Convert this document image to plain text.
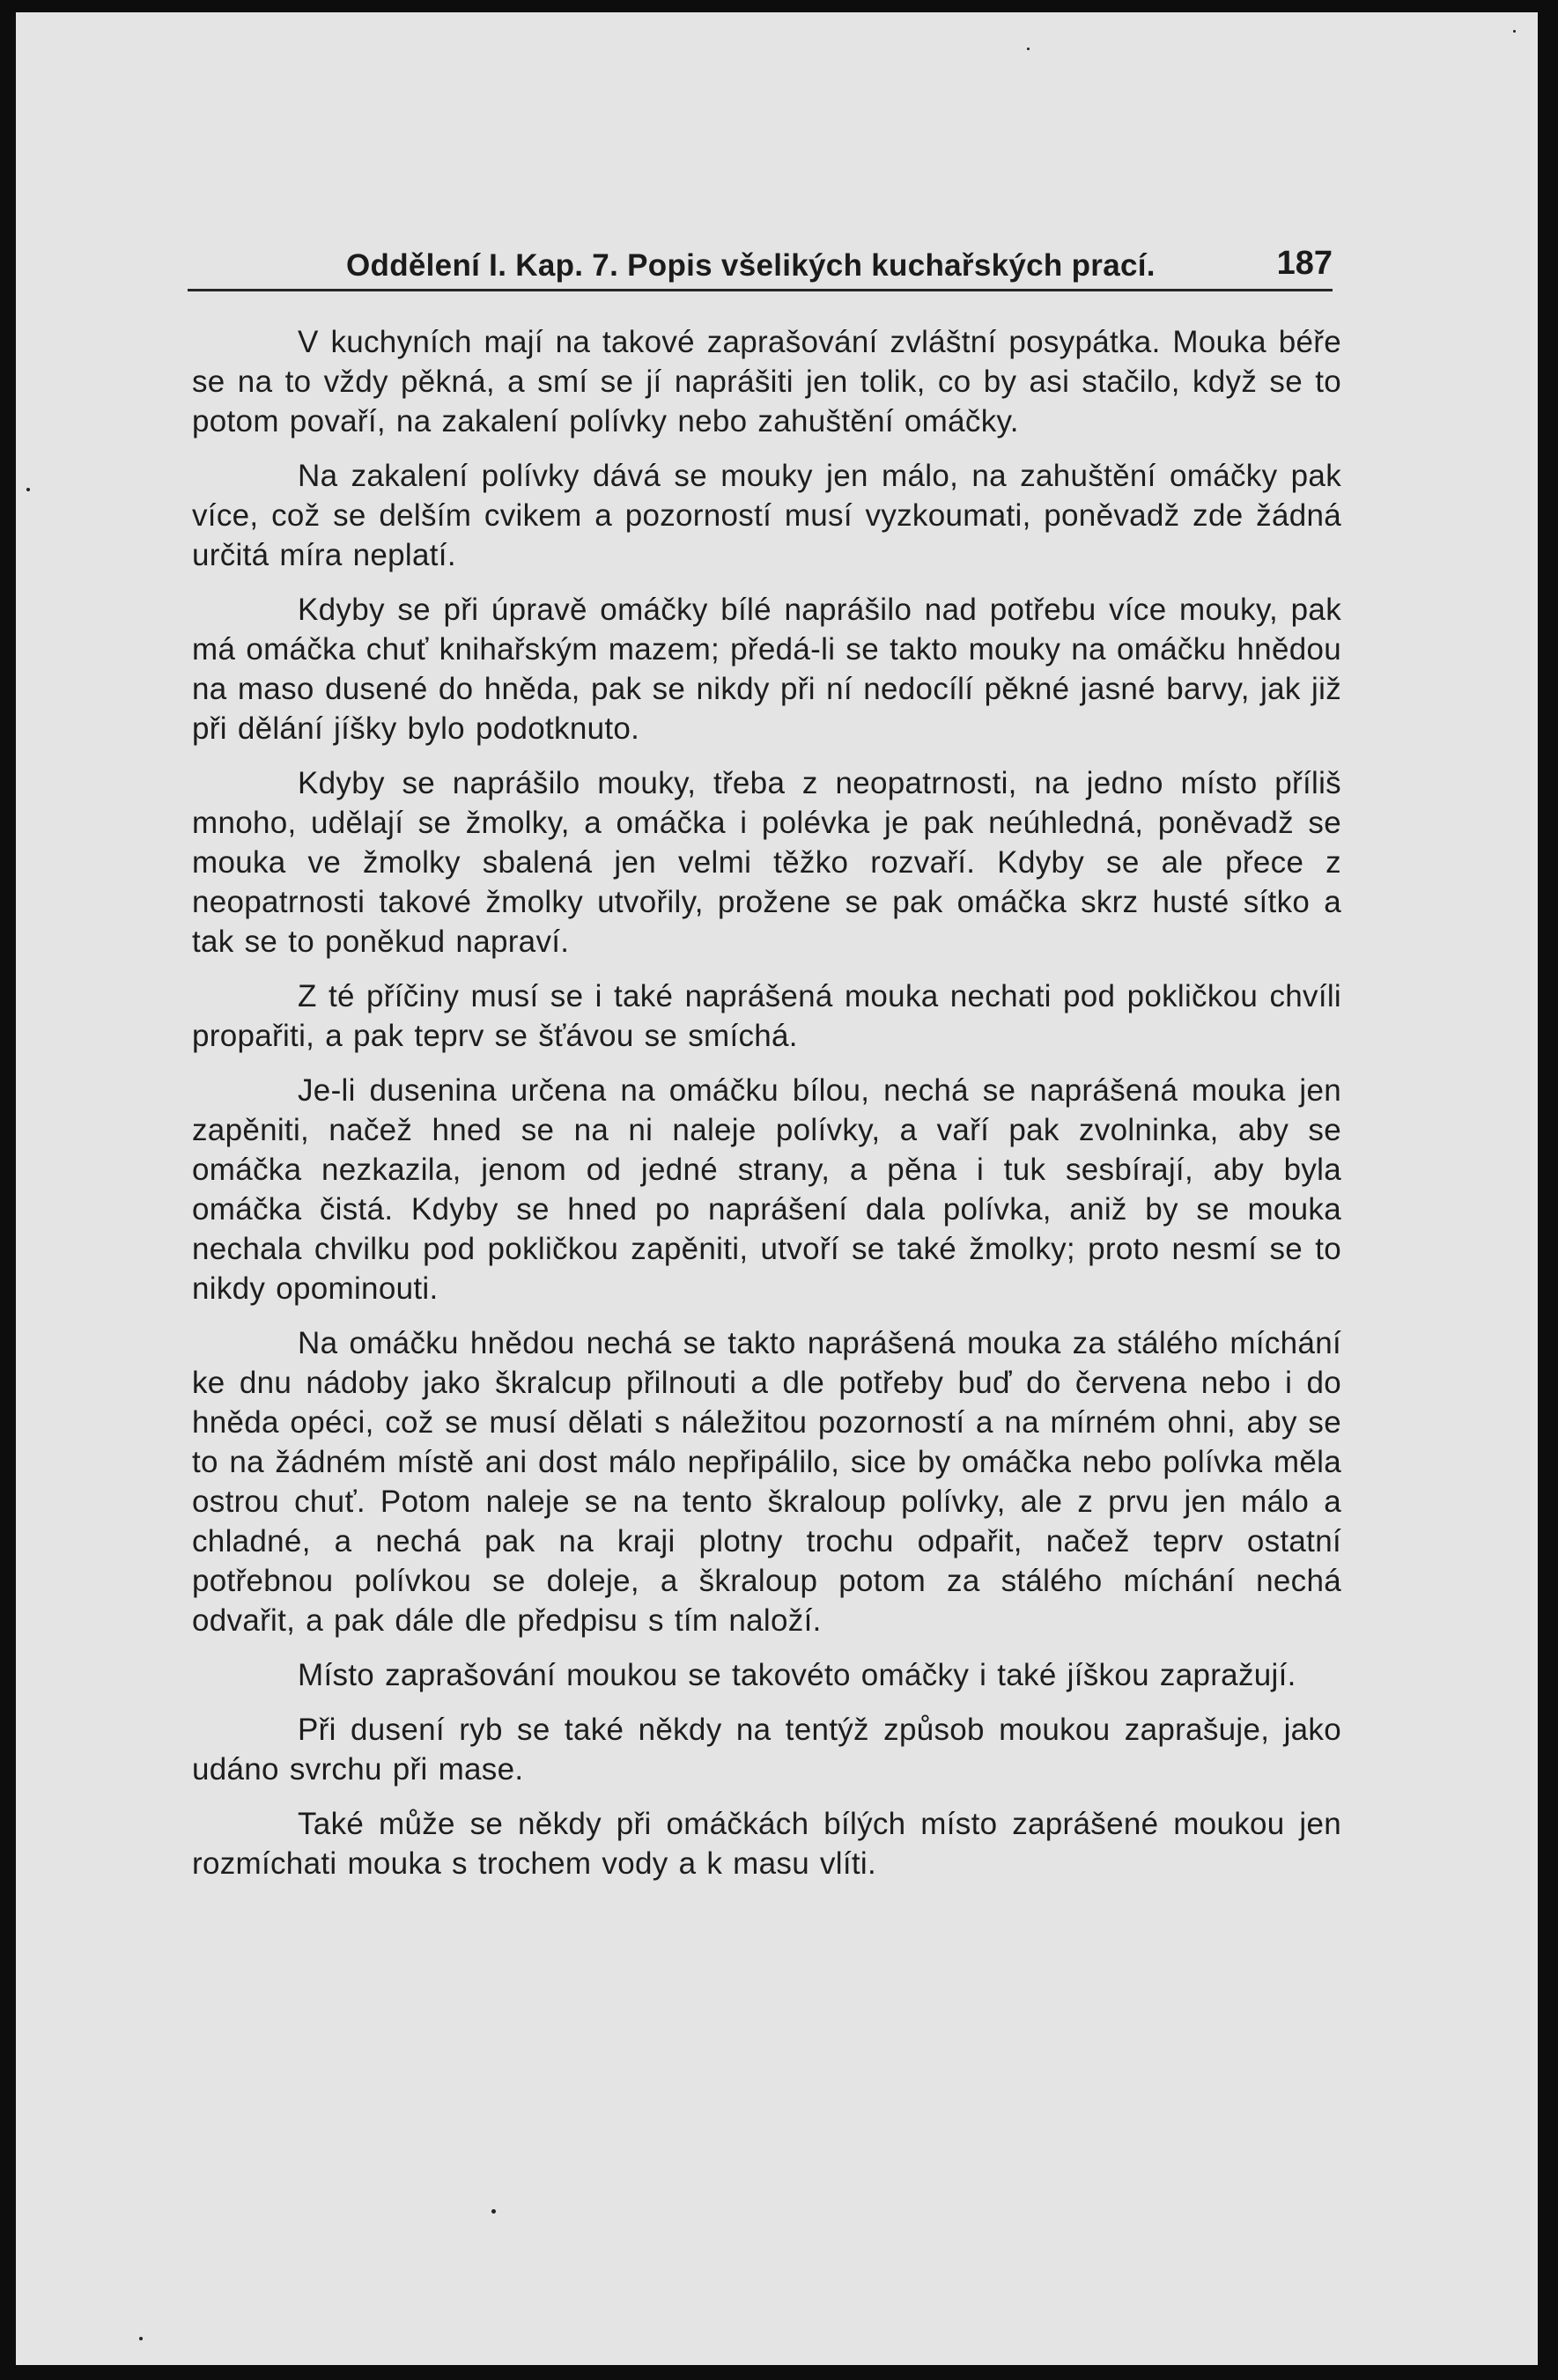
Oddělení I. Kap. 7. Popis všelikých kuchařských prací.	187

V kuchyních mají na takové zaprašování zvláštní posypátka. Mouka béře se na to vždy pěkná, a smí se jí naprášiti jen tolik, co by asi stačilo, když se to potom povaří, na zakalení polívky nebo zahuštění omáčky.

Na zakalení polívky dává se mouky jen málo, na zahuštění omáčky pak více, což se delším cvikem a pozorností musí vyzkoumati, poněvadž zde žádná určitá míra neplatí.

Kdyby se při úpravě omáčky bílé naprášilo nad potřebu více mouky, pak má omáčka chuť knihařským mazem; předá-li se takto mouky na omáčku hnědou na maso dusené do hněda, pak se nikdy při ní nedocílí pěkné jasné barvy, jak již při dělání jíšky bylo podotknuto.

Kdyby se naprášilo mouky, třeba z neopatrnosti, na jedno místo příliš mnoho, udělají se žmolky, a omáčka i polévka je pak neúhledná, poněvadž se mouka ve žmolky sbalená jen velmi těžko rozvaří. Kdyby se ale přece z neopatrnosti takové žmolky utvořily, prožene se pak omáčka skrz husté sítko a tak se to poněkud napraví.

Z té příčiny musí se i také naprášená mouka nechati pod pokličkou chvíli propařiti, a pak teprv se šťávou se smíchá.

Je-li dusenina určena na omáčku bílou, nechá se naprášená mouka jen zapěniti, načež hned se na ni naleje polívky, a vaří pak zvolninka, aby se omáčka nezkazila, jenom od jedné strany, a pěna i tuk sesbírají, aby byla omáčka čistá. Kdyby se hned po naprášení dala polívka, aniž by se mouka nechala chvilku pod pokličkou zapěniti, utvoří se také žmolky; proto nesmí se to nikdy opominouti.

Na omáčku hnědou nechá se takto naprášená mouka za stálého míchání ke dnu nádoby jako škralcup přilnouti a dle potřeby buď do červena nebo i do hněda opéci, což se musí dělati s náležitou pozorností a na mírném ohni, aby se to na žádném místě ani dost málo nepřipálilo, sice by omáčka nebo polívka měla ostrou chuť. Potom naleje se na tento škraloup polívky, ale z prvu jen málo a chladné, a nechá pak na kraji plotny trochu odpařit, načež teprv ostatní potřebnou polívkou se doleje, a škraloup potom za stálého míchání nechá odvařit, a pak dále dle předpisu s tím naloží.

Místo zaprašování moukou se takovéto omáčky i také jíškou zapražují.

Při dusení ryb se také někdy na tentýž způsob moukou zaprašuje, jako udáno svrchu při mase.

Také může se někdy při omáčkách bílých místo zaprášené moukou jen rozmíchati mouka s trochem vody a k masu vlíti.
